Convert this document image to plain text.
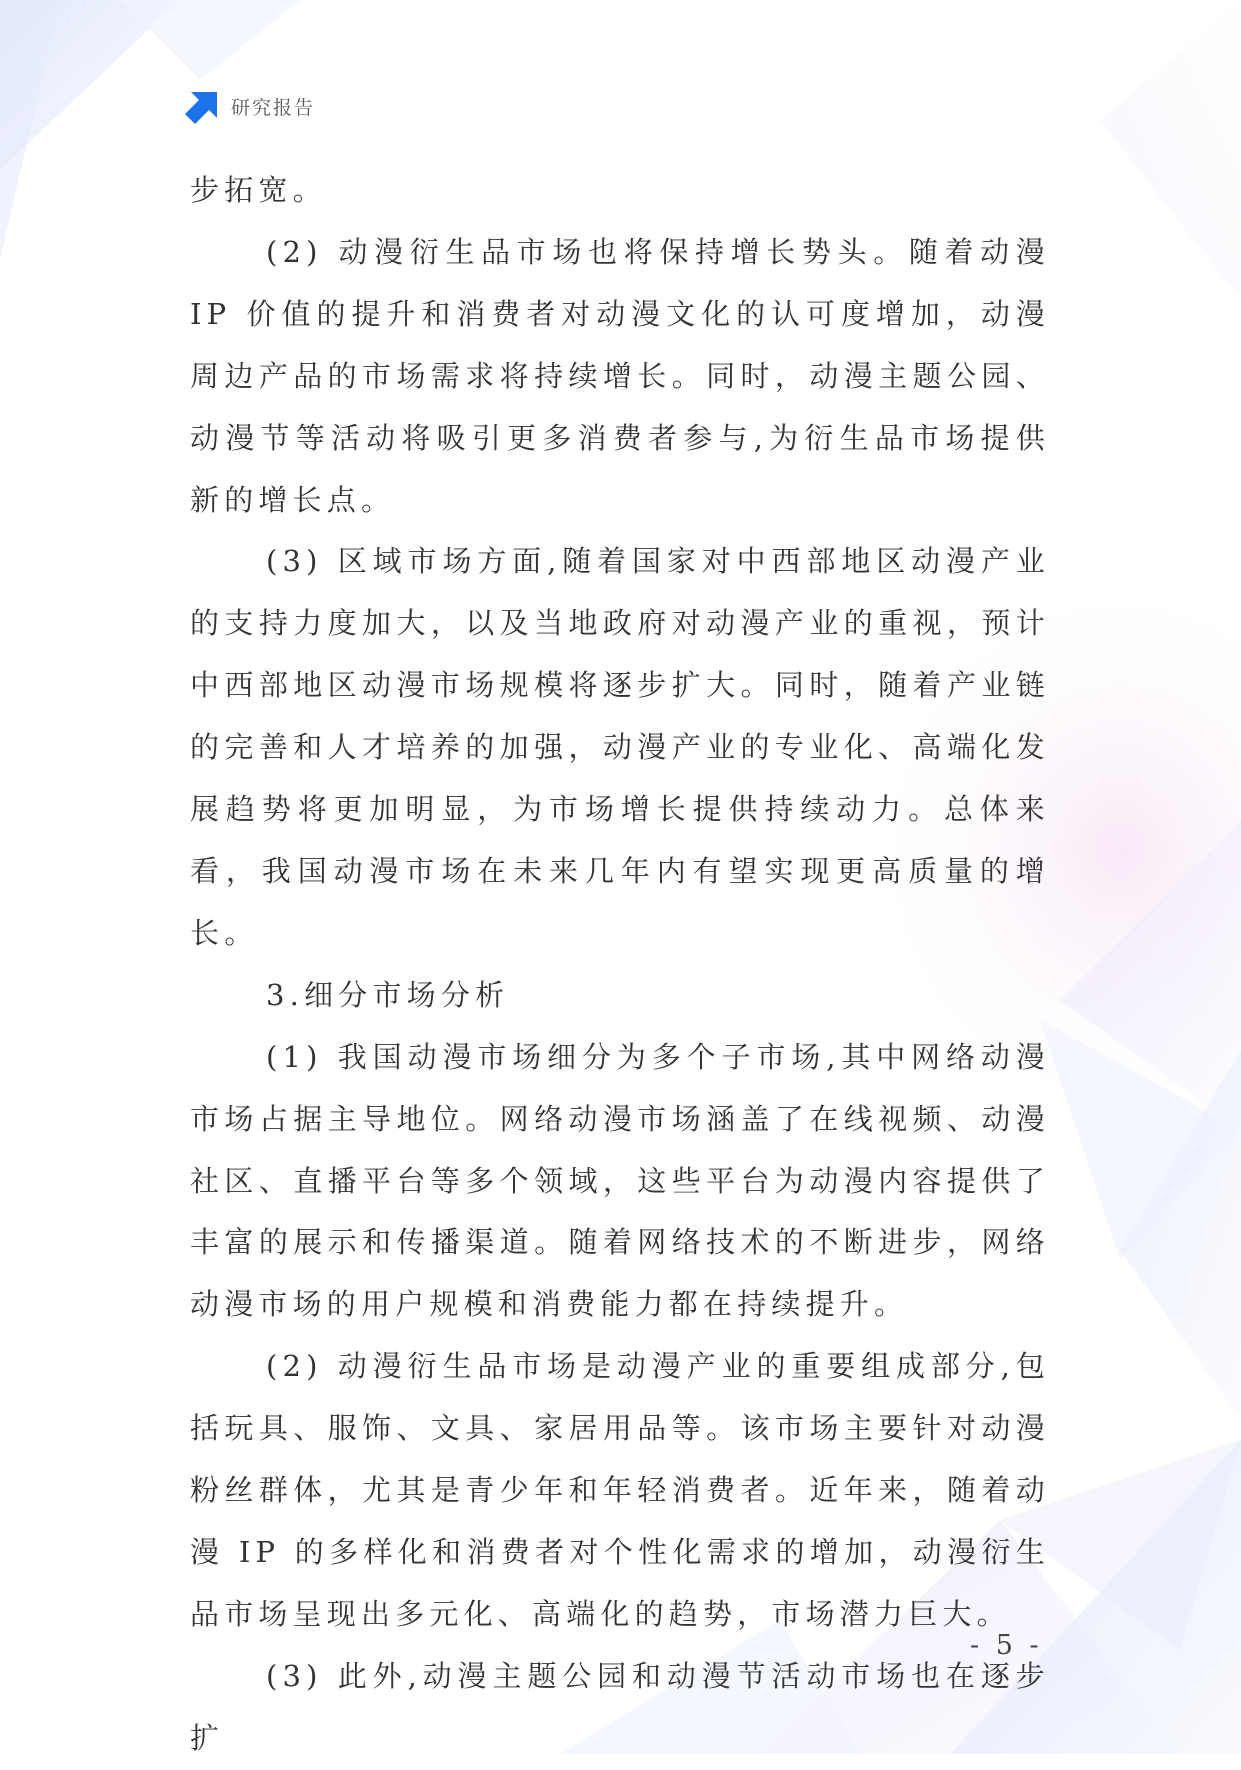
研究报告

步拓宽。

(2) 动漫衍生品市场也将保持增长势头。随着动漫 IP 价值的提升和消费者对动漫文化的认可度增加，动漫周边产品的市场需求将持续增长。同时，动漫主题公园、动漫节等活动将吸引更多消费者参与,为衍生品市场提供新的增长点。

(3) 区域市场方面,随着国家对中西部地区动漫产业的支持力度加大，以及当地政府对动漫产业的重视，预计中西部地区动漫市场规模将逐步扩大。同时，随着产业链的完善和人才培养的加强，动漫产业的专业化、高端化发展趋势将更加明显，为市场增长提供持续动力。总体来看，我国动漫市场在未来几年内有望实现更高质量的增长。

3.细分市场分析

(1) 我国动漫市场细分为多个子市场,其中网络动漫市场占据主导地位。网络动漫市场涵盖了在线视频、动漫社区、直播平台等多个领域，这些平台为动漫内容提供了丰富的展示和传播渠道。随着网络技术的不断进步，网络动漫市场的用户规模和消费能力都在持续提升。

(2) 动漫衍生品市场是动漫产业的重要组成部分,包括玩具、服饰、文具、家居用品等。该市场主要针对动漫粉丝群体，尤其是青少年和年轻消费者。近年来，随着动漫 IP 的多样化和消费者对个性化需求的增加，动漫衍生品市场呈现出多元化、高端化的趋势，市场潜力巨大。

(3) 此外,动漫主题公园和动漫节活动市场也在逐步扩

- 5 -
